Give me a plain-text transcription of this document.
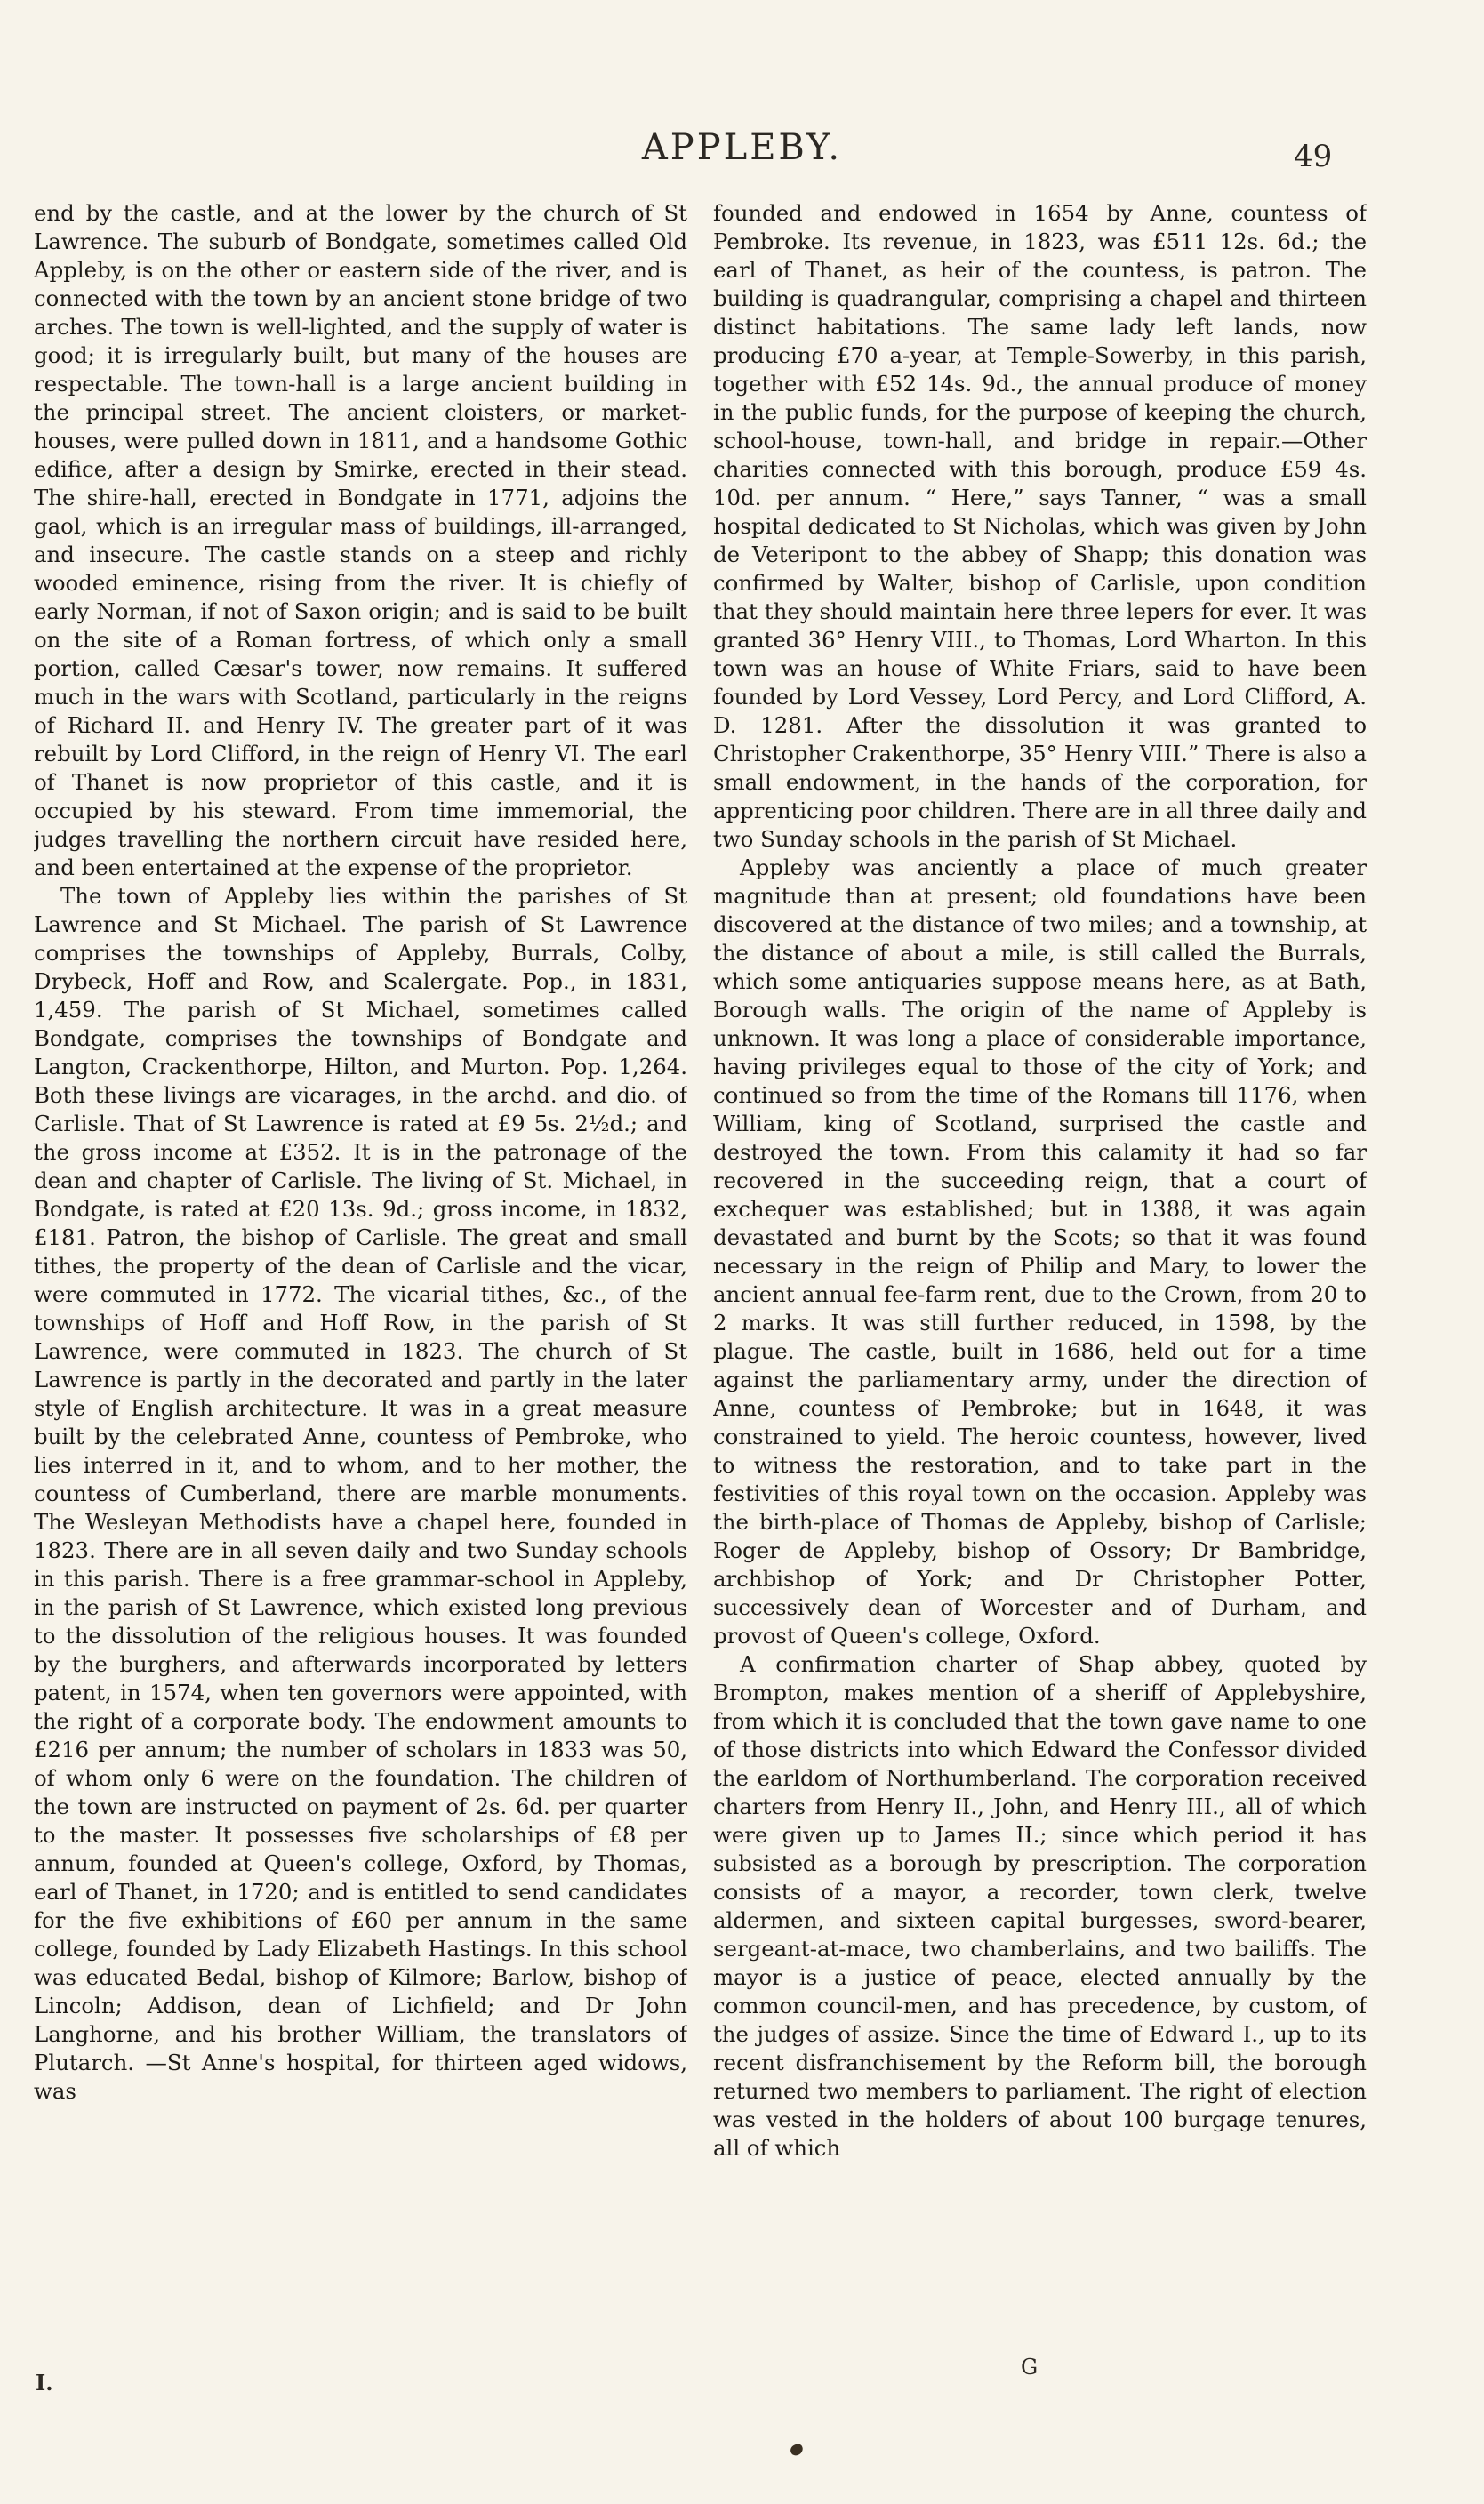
APPLEBY.	49

end by the castle, and at the lower by the church of St Lawrence. The suburb of Bondgate, sometimes called Old Appleby, is on the other or eastern side of the river, and is connected with the town by an ancient stone bridge of two arches. The town is well-lighted, and the supply of water is good; it is irregularly built, but many of the houses are respectable. The town-hall is a large ancient building in the principal street. The ancient cloisters, or market-houses, were pulled down in 1811, and a handsome Gothic edifice, after a design by Smirke, erected in their stead. The shire-hall, erected in Bondgate in 1771, adjoins the gaol, which is an irregular mass of buildings, ill-arranged, and insecure. The castle stands on a steep and richly wooded eminence, rising from the river. It is chiefly of early Norman, if not of Saxon origin; and is said to be built on the site of a Roman fortress, of which only a small portion, called Cæsar's tower, now remains. It suffered much in the wars with Scotland, particularly in the reigns of Richard II. and Henry IV. The greater part of it was rebuilt by Lord Clifford, in the reign of Henry VI. The earl of Thanet is now proprietor of this castle, and it is occupied by his steward. From time immemorial, the judges travelling the northern circuit have resided here, and been entertained at the expense of the proprietor.

The town of Appleby lies within the parishes of St Lawrence and St Michael. The parish of St Lawrence comprises the townships of Appleby, Burrals, Colby, Drybeck, Hoff and Row, and Scalergate. Pop., in 1831, 1,459. The parish of St Michael, sometimes called Bondgate, comprises the townships of Bondgate and Langton, Crackenthorpe, Hilton, and Murton. Pop. 1,264. Both these livings are vicarages, in the archd. and dio. of Carlisle. That of St Lawrence is rated at £9 5s. 2½d.; and the gross income at £352. It is in the patronage of the dean and chapter of Carlisle. The living of St. Michael, in Bondgate, is rated at £20 13s. 9d.; gross income, in 1832, £181. Patron, the bishop of Carlisle. The great and small tithes, the property of the dean of Carlisle and the vicar, were commuted in 1772. The vicarial tithes, &c., of the townships of Hoff and Hoff Row, in the parish of St Lawrence, were commuted in 1823. The church of St Lawrence is partly in the decorated and partly in the later style of English architecture. It was in a great measure built by the celebrated Anne, countess of Pembroke, who lies interred in it, and to whom, and to her mother, the countess of Cumberland, there are marble monuments. The Wesleyan Methodists have a chapel here, founded in 1823. There are in all seven daily and two Sunday schools in this parish. There is a free grammar-school in Appleby, in the parish of St Lawrence, which existed long previous to the dissolution of the religious houses. It was founded by the burghers, and afterwards incorporated by letters patent, in 1574, when ten governors were appointed, with the right of a corporate body. The endowment amounts to £216 per annum; the number of scholars in 1833 was 50, of whom only 6 were on the foundation. The children of the town are instructed on payment of 2s. 6d. per quarter to the master. It possesses five scholarships of £8 per annum, founded at Queen's college, Oxford, by Thomas, earl of Thanet, in 1720; and is entitled to send candidates for the five exhibitions of £60 per annum in the same college, founded by Lady Elizabeth Hastings. In this school was educated Bedal, bishop of Kilmore; Barlow, bishop of Lincoln; Addison, dean of Lichfield; and Dr John Langhorne, and his brother William, the translators of Plutarch. —St Anne's hospital, for thirteen aged widows, was

founded and endowed in 1654 by Anne, countess of Pembroke. Its revenue, in 1823, was £511 12s. 6d.; the earl of Thanet, as heir of the countess, is patron. The building is quadrangular, comprising a chapel and thirteen distinct habitations. The same lady left lands, now producing £70 a-year, at Temple-Sowerby, in this parish, together with £52 14s. 9d., the annual produce of money in the public funds, for the purpose of keeping the church, school-house, town-hall, and bridge in repair.—Other charities connected with this borough, produce £59 4s. 10d. per annum. “ Here,” says Tanner, “ was a small hospital dedicated to St Nicholas, which was given by John de Veteripont to the abbey of Shapp; this donation was confirmed by Walter, bishop of Carlisle, upon condition that they should maintain here three lepers for ever. It was granted 36° Henry VIII., to Thomas, Lord Wharton. In this town was an house of White Friars, said to have been founded by Lord Vessey, Lord Percy, and Lord Clifford, A. D. 1281. After the dissolution it was granted to Christopher Crakenthorpe, 35° Henry VIII.” There is also a small endowment, in the hands of the corporation, for apprenticing poor children. There are in all three daily and two Sunday schools in the parish of St Michael.

Appleby was anciently a place of much greater magnitude than at present; old foundations have been discovered at the distance of two miles; and a township, at the distance of about a mile, is still called the Burrals, which some antiquaries suppose means here, as at Bath, Borough walls. The origin of the name of Appleby is unknown. It was long a place of considerable importance, having privileges equal to those of the city of York; and continued so from the time of the Romans till 1176, when William, king of Scotland, surprised the castle and destroyed the town. From this calamity it had so far recovered in the succeeding reign, that a court of exchequer was established; but in 1388, it was again devastated and burnt by the Scots; so that it was found necessary in the reign of Philip and Mary, to lower the ancient annual fee-farm rent, due to the Crown, from 20 to 2 marks. It was still further reduced, in 1598, by the plague. The castle, built in 1686, held out for a time against the parliamentary army, under the direction of Anne, countess of Pembroke; but in 1648, it was constrained to yield. The heroic countess, however, lived to witness the restoration, and to take part in the festivities of this royal town on the occasion. Appleby was the birth-place of Thomas de Appleby, bishop of Carlisle; Roger de Appleby, bishop of Ossory; Dr Bambridge, archbishop of York; and Dr Christopher Potter, successively dean of Worcester and of Durham, and provost of Queen's college, Oxford.

A confirmation charter of Shap abbey, quoted by Brompton, makes mention of a sheriff of Applebyshire, from which it is concluded that the town gave name to one of those districts into which Edward the Confessor divided the earldom of Northumberland. The corporation received charters from Henry II., John, and Henry III., all of which were given up to James II.; since which period it has subsisted as a borough by prescription. The corporation consists of a mayor, a recorder, town clerk, twelve aldermen, and sixteen capital burgesses, sword-bearer, sergeant-at-mace, two chamberlains, and two bailiffs. The mayor is a justice of peace, elected annually by the common council-men, and has precedence, by custom, of the judges of assize. Since the time of Edward I., up to its recent disfranchisement by the Reform bill, the borough returned two members to parliament. The right of election was vested in the holders of about 100 burgage tenures, all of which

I.
G
